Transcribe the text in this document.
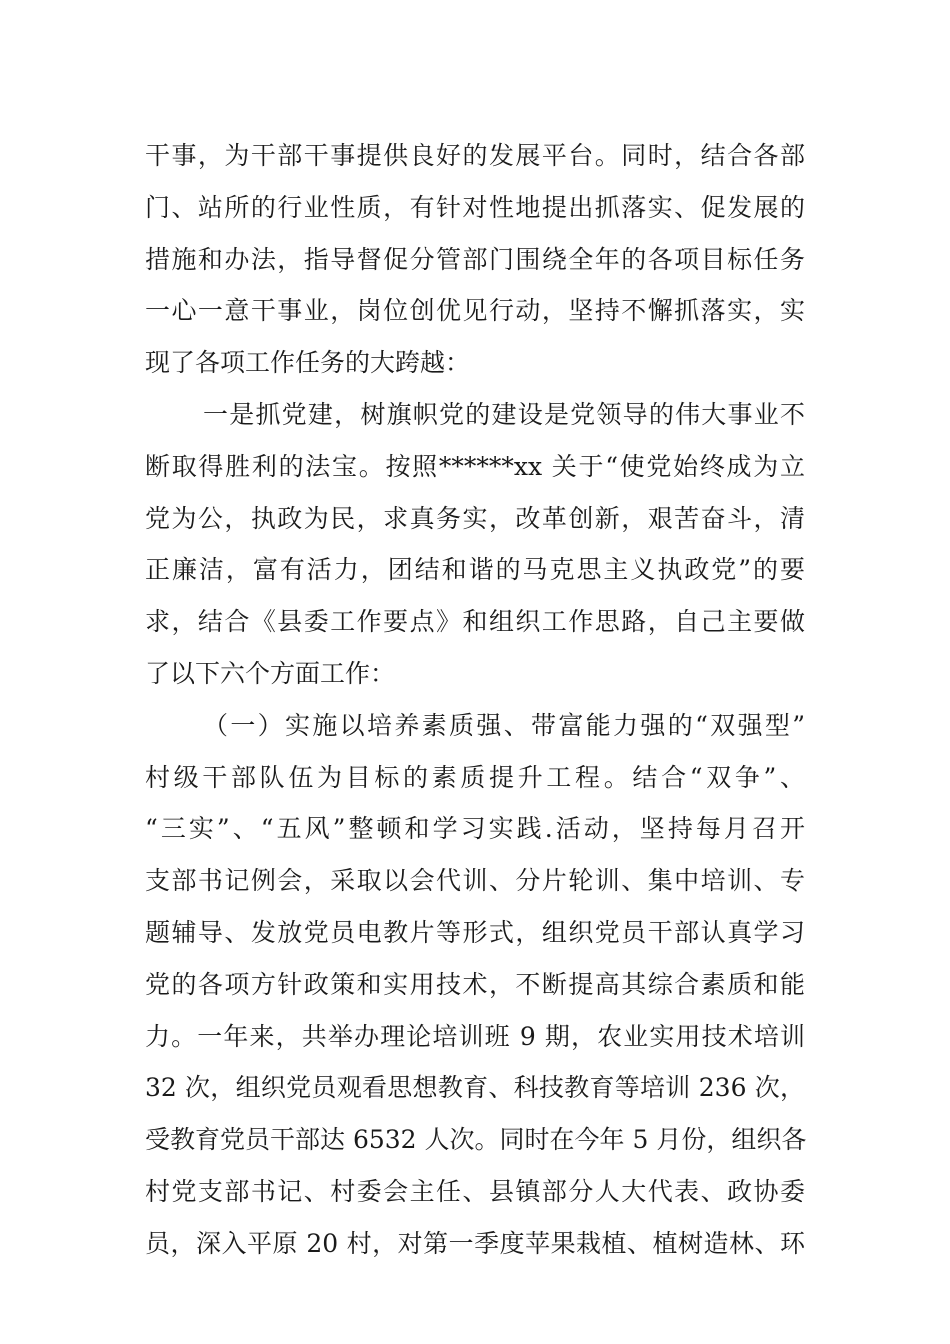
干事，为干部干事提供良好的发展平台。同时，结合各部
门、站所的行业性质，有针对性地提出抓落实、促发展的
措施和办法，指导督促分管部门围绕全年的各项目标任务
一心一意干事业，岗位创优见行动，坚持不懈抓落实，实
现了各项工作任务的大跨越：
一是抓党建，树旗帜党的建设是党领导的伟大事业不
断取得胜利的法宝。按照******xx 关于“使党始终成为立
党为公，执政为民，求真务实，改革创新，艰苦奋斗，清
正廉洁，富有活力，团结和谐的马克思主义执政党”的要
求，结合《县委工作要点》和组织工作思路，自己主要做
了以下六个方面工作：
（一）实施以培养素质强、带富能力强的“双强型”
村级干部队伍为目标的素质提升工程。结合“双争”、
“三实”、“五风”整顿和学习实践.活动，坚持每月召开
支部书记例会，采取以会代训、分片轮训、集中培训、专
题辅导、发放党员电教片等形式，组织党员干部认真学习
党的各项方针政策和实用技术，不断提高其综合素质和能
力。一年来，共举办理论培训班 9 期，农业实用技术培训
32 次，组织党员观看思想教育、科技教育等培训 236 次，
受教育党员干部达 6532 人次。同时在今年 5 月份，组织各
村党支部书记、村委会主任、县镇部分人大代表、政协委
员，深入平原 20 村，对第一季度苹果栽植、植树造林、环
